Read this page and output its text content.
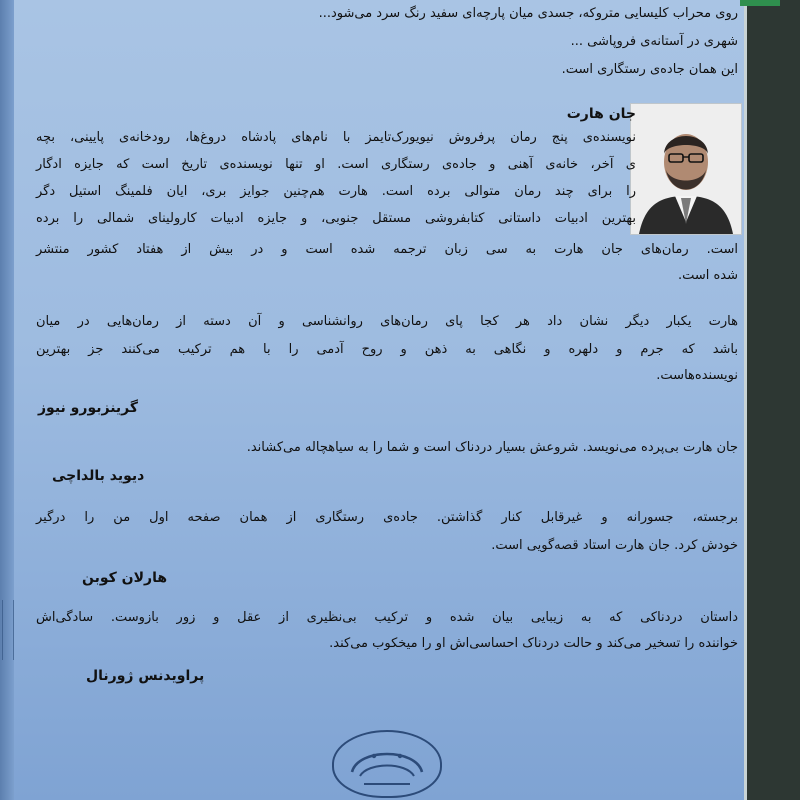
روی محراب کلیسایی متروکه، جسدی میان پارچه‌ای سفید رنگ سرد می‌شود...
شهری در آستانه‌ی فروپاشی ...
این همان جاده‌ی رستگاری است.
جان هارت
نویسنده‌ی پنج رمان پرفروش نیویورک‌تایمز با نام‌های پادشاه دروغ‌ها، رودخانه‌ی پایینی، بچه
ی آخر، خانه‌ی آهنی و جاده‌ی رستگاری است. او تنها نویسنده‌ی تاریخ است که جایزه ادگار
را برای چند رمان متوالی برده است. هارت هم‌چنین جوایز بری، ایان فلمینگ استیل دگر
بهترین ادبیات داستانی کتابفروشی مستقل جنوبی، و جایزه ادبیات کارولینای شمالی را برده
است. رمان‌های جان هارت به سی زبان ترجمه شده است و در بیش از هفتاد کشور منتشر
شده است.
هارت یکبار دیگر نشان داد هر کجا پای رمان‌های روانشناسی و آن دسته از رمان‌هایی در میان
باشد که جرم و دلهره و نگاهی به ذهن و روح آدمی را با هم ترکیب می‌کنند جز بهترین
نویسنده‌هاست.
گرینزبورو نیوز
جان هارت بی‌پرده می‌نویسد. شروعش بسیار دردناک است و شما را به سیاهچاله می‌کشاند.
دیوید بالداچی
برجسته، جسورانه و غیرقابل کنار گذاشتن. جاده‌ی رستگاری از همان صفحه اول من را درگیر
خودش کرد. جان هارت استاد قصه‌گویی است.
هارلان کوبن
داستان دردناکی که به زیبایی بیان شده و ترکیب بی‌نظیری از عقل و زور بازوست. سادگی‌اش
خوانندە را تسخیر می‌کند و حالت دردناک احساسی‌اش او را میخکوب می‌کند.
پراویدنس ژورنال
